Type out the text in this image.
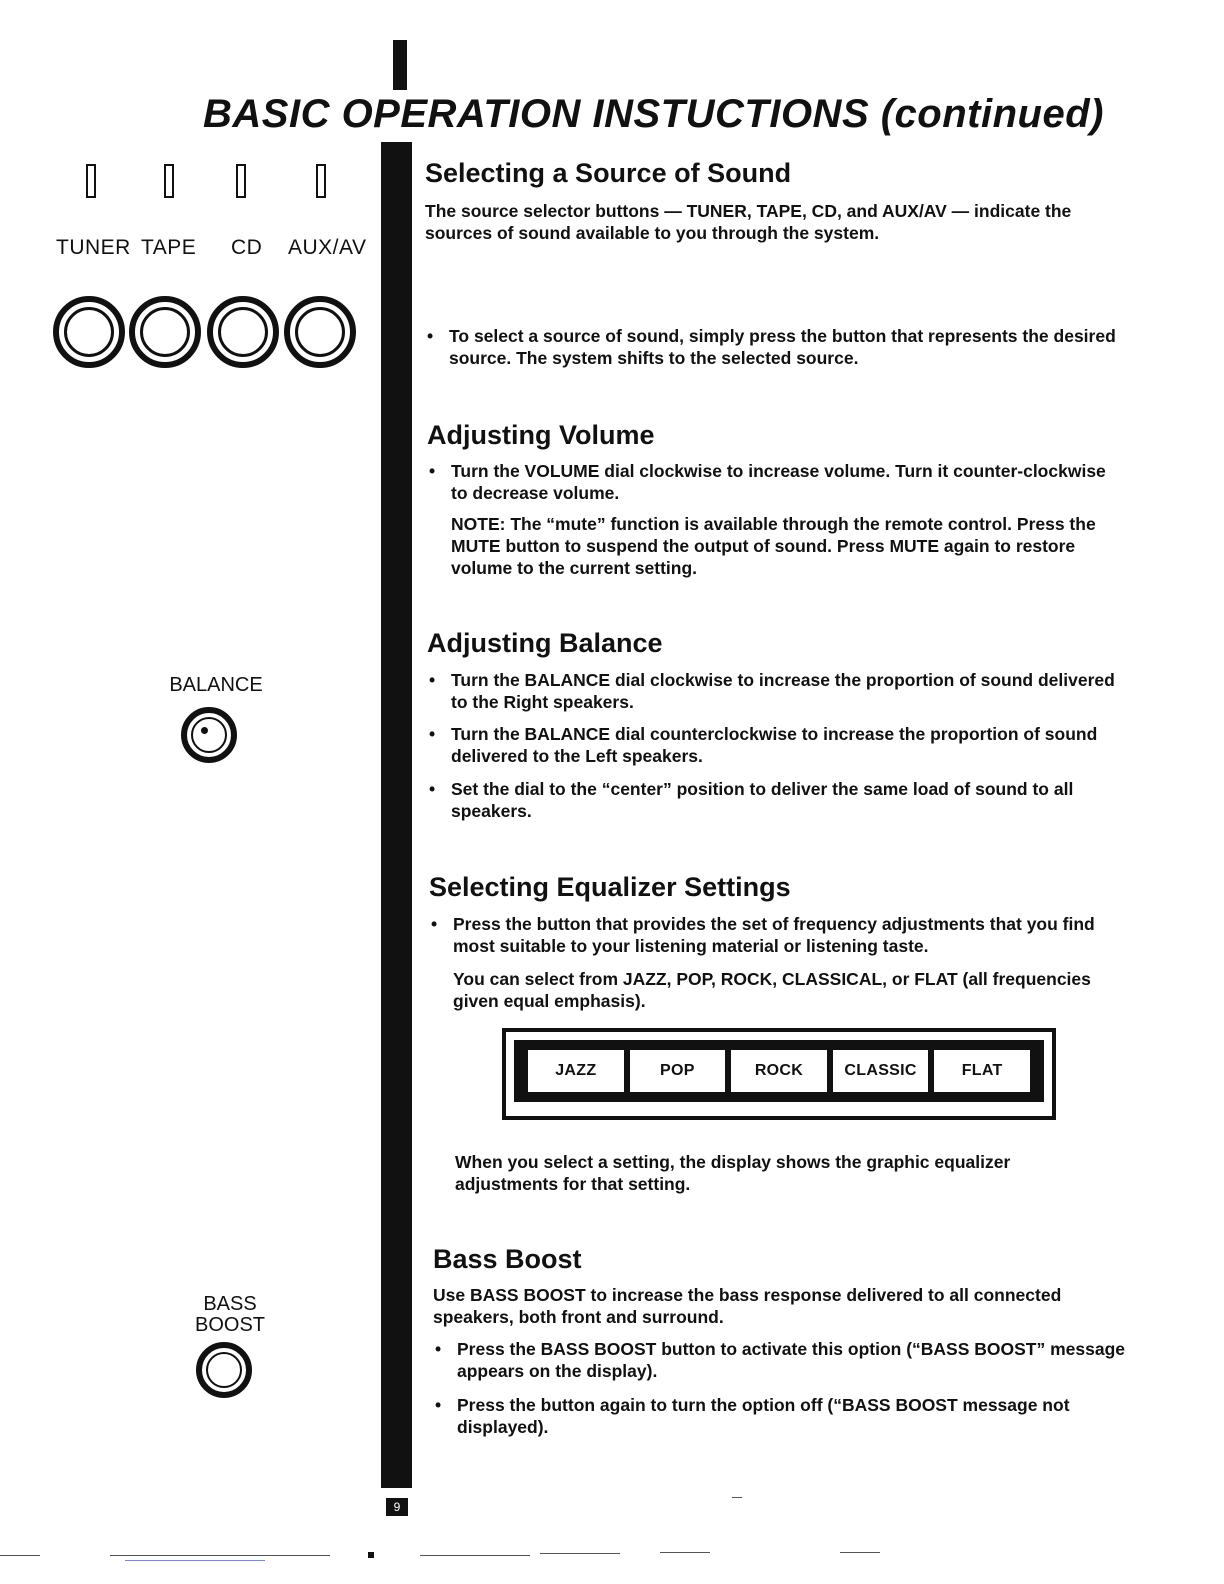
BASIC OPERATION INSTUCTIONS (continued)
TUNER TAPE CD AUX/AV
BALANCE
BASS
BOOST
Selecting a Source of Sound

The source selector buttons — TUNER, TAPE, CD, and AUX/AV — indicate the sources of sound available to you through the system.

• To select a source of sound, simply press the button that represents the desired source. The system shifts to the selected source.

Adjusting Volume

• Turn the VOLUME dial clockwise to increase volume. Turn it counter-clockwise to decrease volume.

NOTE: The “mute” function is available through the remote control. Press the MUTE button to suspend the output of sound. Press MUTE again to restore volume to the current setting.

Adjusting Balance

• Turn the BALANCE dial clockwise to increase the proportion of sound delivered to the Right speakers.

• Turn the BALANCE dial counterclockwise to increase the proportion of sound delivered to the Left speakers.

• Set the dial to the “center” position to deliver the same load of sound to all speakers.

Selecting Equalizer Settings

• Press the button that provides the set of frequency adjustments that you find most suitable to your listening material or listening taste.

You can select from JAZZ, POP, ROCK, CLASSICAL, or FLAT (all frequencies given equal emphasis).

JAZZ	POP	ROCK	CLASSIC	FLAT

When you select a setting, the display shows the graphic equalizer adjustments for that setting.

Bass Boost

Use BASS BOOST to increase the bass response delivered to all connected speakers, both front and surround.

• Press the BASS BOOST button to activate this option (“BASS BOOST” message appears on the display).

• Press the button again to turn the option off (“BASS BOOST message not displayed).

9
